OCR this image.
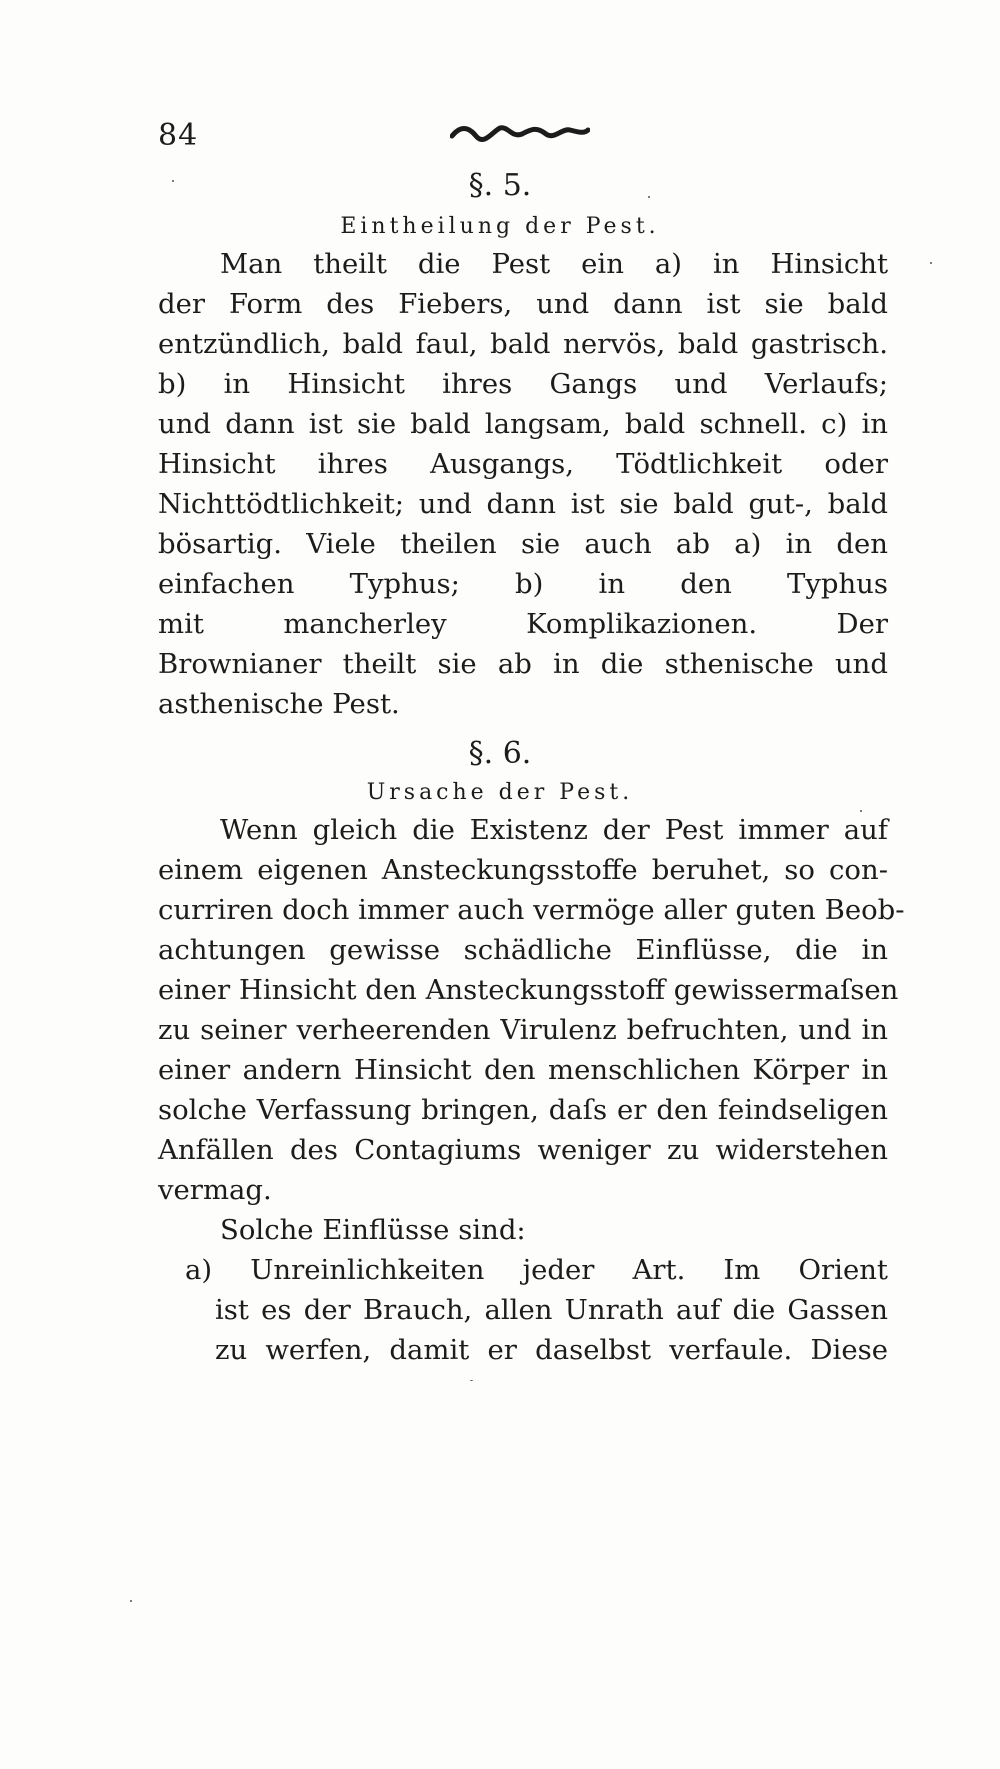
84
§. 5.
Eintheilung der Pest.
Man theilt die Pest ein a) in Hinsicht
der Form des Fiebers, und dann ist sie bald
entzündlich, bald faul, bald nervös, bald gastrisch.
b) in Hinsicht ihres Gangs und Verlaufs;
und dann ist sie bald langsam, bald schnell. c) in
Hinsicht ihres Ausgangs, Tödtlichkeit oder
Nichttödtlichkeit; und dann ist sie bald gut-, bald
bösartig. Viele theilen sie auch ab a) in den
einfachen Typhus; b) in den Typhus
mit mancherley Komplikazionen. Der
Brownianer theilt sie ab in die sthenische und
asthenische Pest.
§. 6.
Ursache der Pest.
Wenn gleich die Existenz der Pest immer auf
einem eigenen Ansteckungsstoffe beruhet, so con-
curriren doch immer auch vermöge aller guten Beob-
achtungen gewisse schädliche Einflüsse, die in
einer Hinsicht den Ansteckungsstoff gewissermaſsen
zu seiner verheerenden Virulenz befruchten, und in
einer andern Hinsicht den menschlichen Körper in
solche Verfassung bringen, daſs er den feindseligen
Anfällen des Contagiums weniger zu widerstehen
vermag.
Solche Einflüsse sind:
a) Unreinlichkeiten jeder Art. Im Orient
ist es der Brauch, allen Unrath auf die Gassen
zu werfen, damit er daselbst verfaule. Diese
